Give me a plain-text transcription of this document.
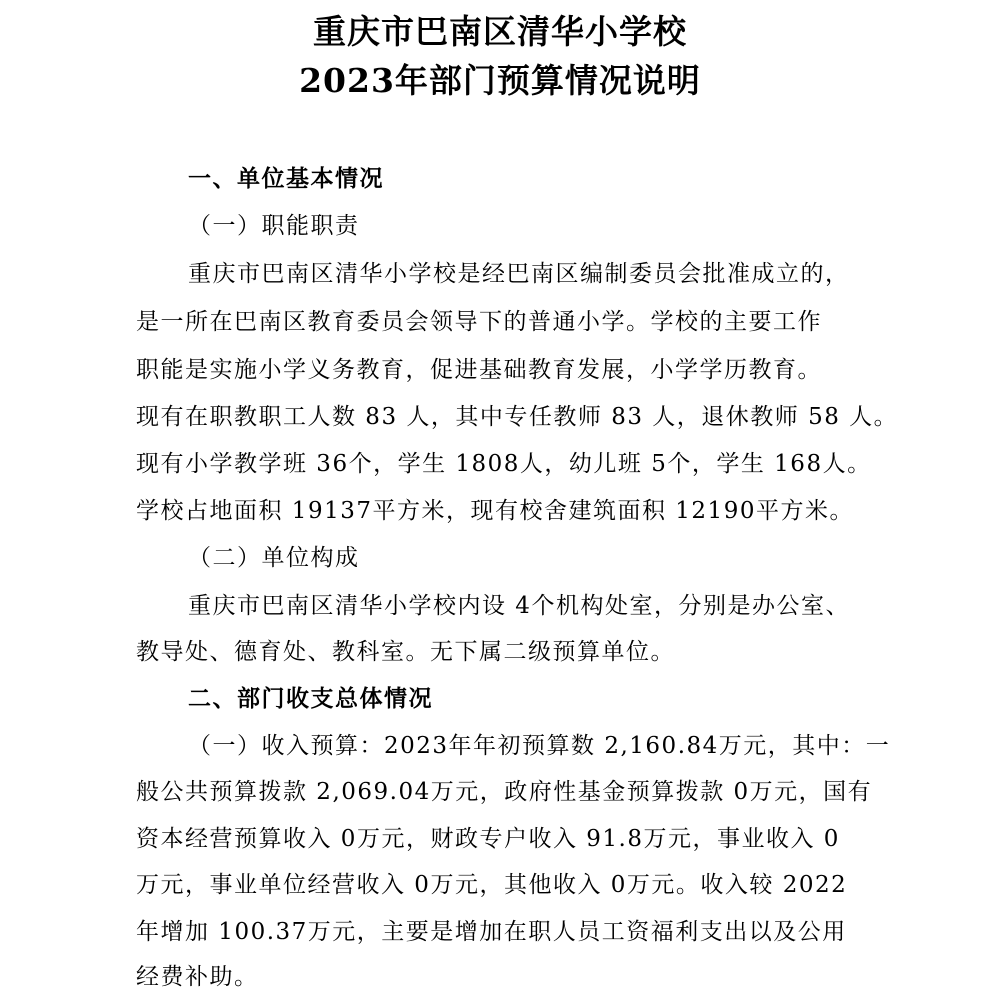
重庆市巴南区清华小学校
2023年部门预算情况说明
一、单位基本情况
（一）职能职责
重庆市巴南区清华小学校是经巴南区编制委员会批准成立的，
是一所在巴南区教育委员会领导下的普通小学。学校的主要工作
职能是实施小学义务教育，促进基础教育发展，小学学历教育。
现有在职教职工人数 83 人，其中专任教师 83 人，退休教师 58 人。
现有小学教学班 36个，学生 1808人，幼儿班 5个，学生 168人。
学校占地面积 19137平方米，现有校舍建筑面积 12190平方米。
（二）单位构成
重庆市巴南区清华小学校内设 4个机构处室，分别是办公室、
教导处、德育处、教科室。无下属二级预算单位。
二、部门收支总体情况
（一）收入预算：2023年年初预算数 2,160.84万元，其中：一
般公共预算拨款 2,069.04万元，政府性基金预算拨款 0万元，国有
资本经营预算收入 0万元，财政专户收入 91.8万元，事业收入 0
万元，事业单位经营收入 0万元，其他收入 0万元。收入较 2022
年增加 100.37万元，主要是增加在职人员工资福利支出以及公用
经费补助。
